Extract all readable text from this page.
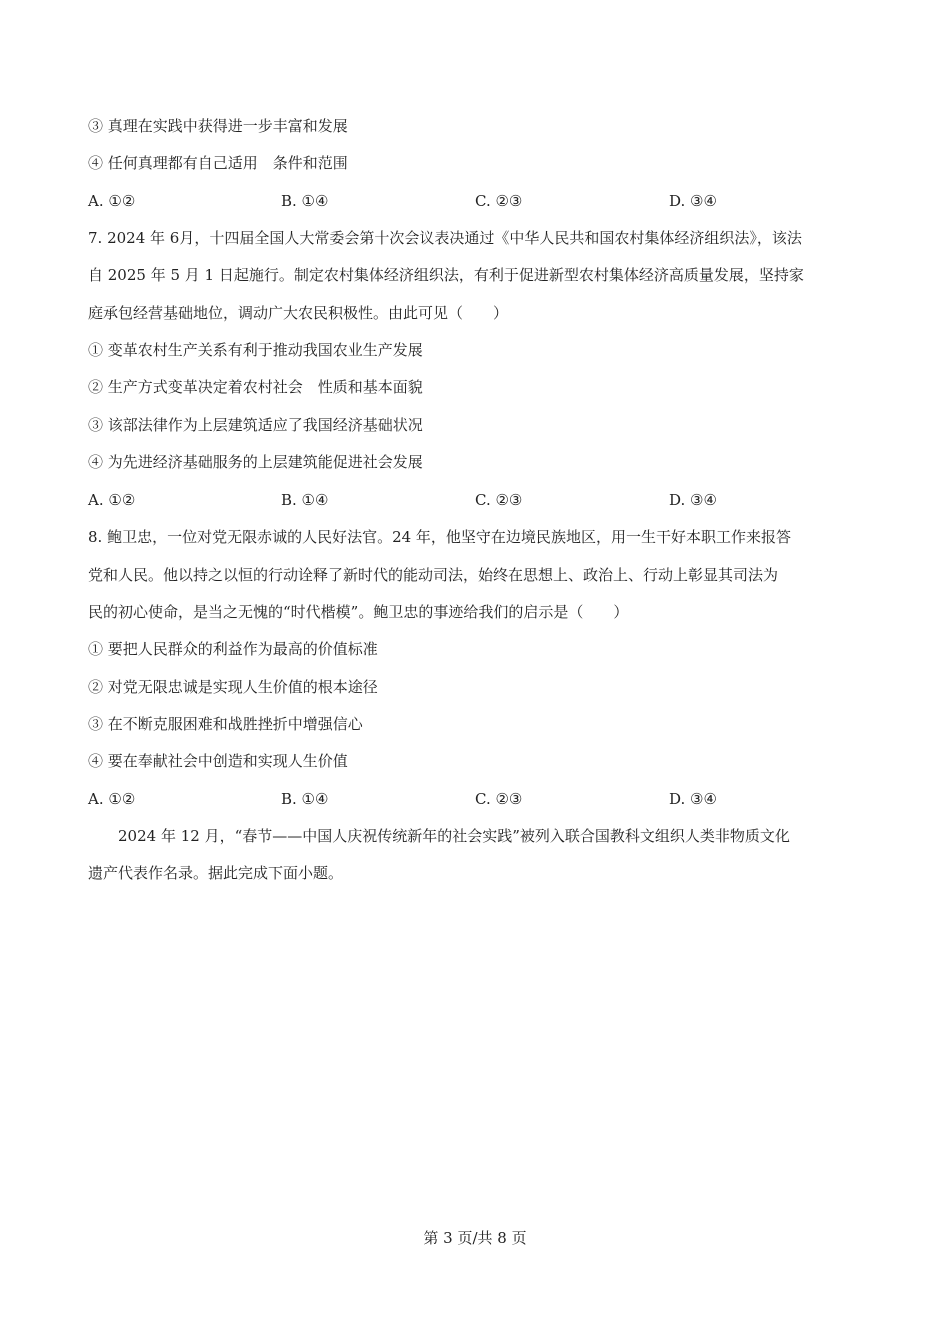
③ 真理在实践中获得进一步丰富和发展
④ 任何真理都有自己适用　条件和范围
A. ①②	B. ①④	C. ②③	D. ③④
7. 2024 年 6月，十四届全国人大常委会第十次会议表决通过《中华人民共和国农村集体经济组织法》，该法
自 2025 年 5 月 1 日起施行。制定农村集体经济组织法，有利于促进新型农村集体经济高质量发展，坚持家
庭承包经营基础地位，调动广大农民积极性。由此可见（　　）
① 变革农村生产关系有利于推动我国农业生产发展
② 生产方式变革决定着农村社会　性质和基本面貌
③ 该部法律作为上层建筑适应了我国经济基础状况
④ 为先进经济基础服务的上层建筑能促进社会发展
A. ①②	B. ①④	C. ②③	D. ③④
8. 鲍卫忠，一位对党无限赤诚的人民好法官。24 年，他坚守在边境民族地区，用一生干好本职工作来报答
党和人民。他以持之以恒的行动诠释了新时代的能动司法，始终在思想上、政治上、行动上彰显其司法为
民的初心使命，是当之无愧的“时代楷模”。鲍卫忠的事迹给我们的启示是（　　）
① 要把人民群众的利益作为最高的价值标准
② 对党无限忠诚是实现人生价值的根本途径
③ 在不断克服困难和战胜挫折中增强信心
④ 要在奉献社会中创造和实现人生价值
A. ①②	B. ①④	C. ②③	D. ③④
　　2024 年 12 月，“春节——中国人庆祝传统新年的社会实践”被列入联合国教科文组织人类非物质文化
遗产代表作名录。据此完成下面小题。
第 3 页/共 8 页
